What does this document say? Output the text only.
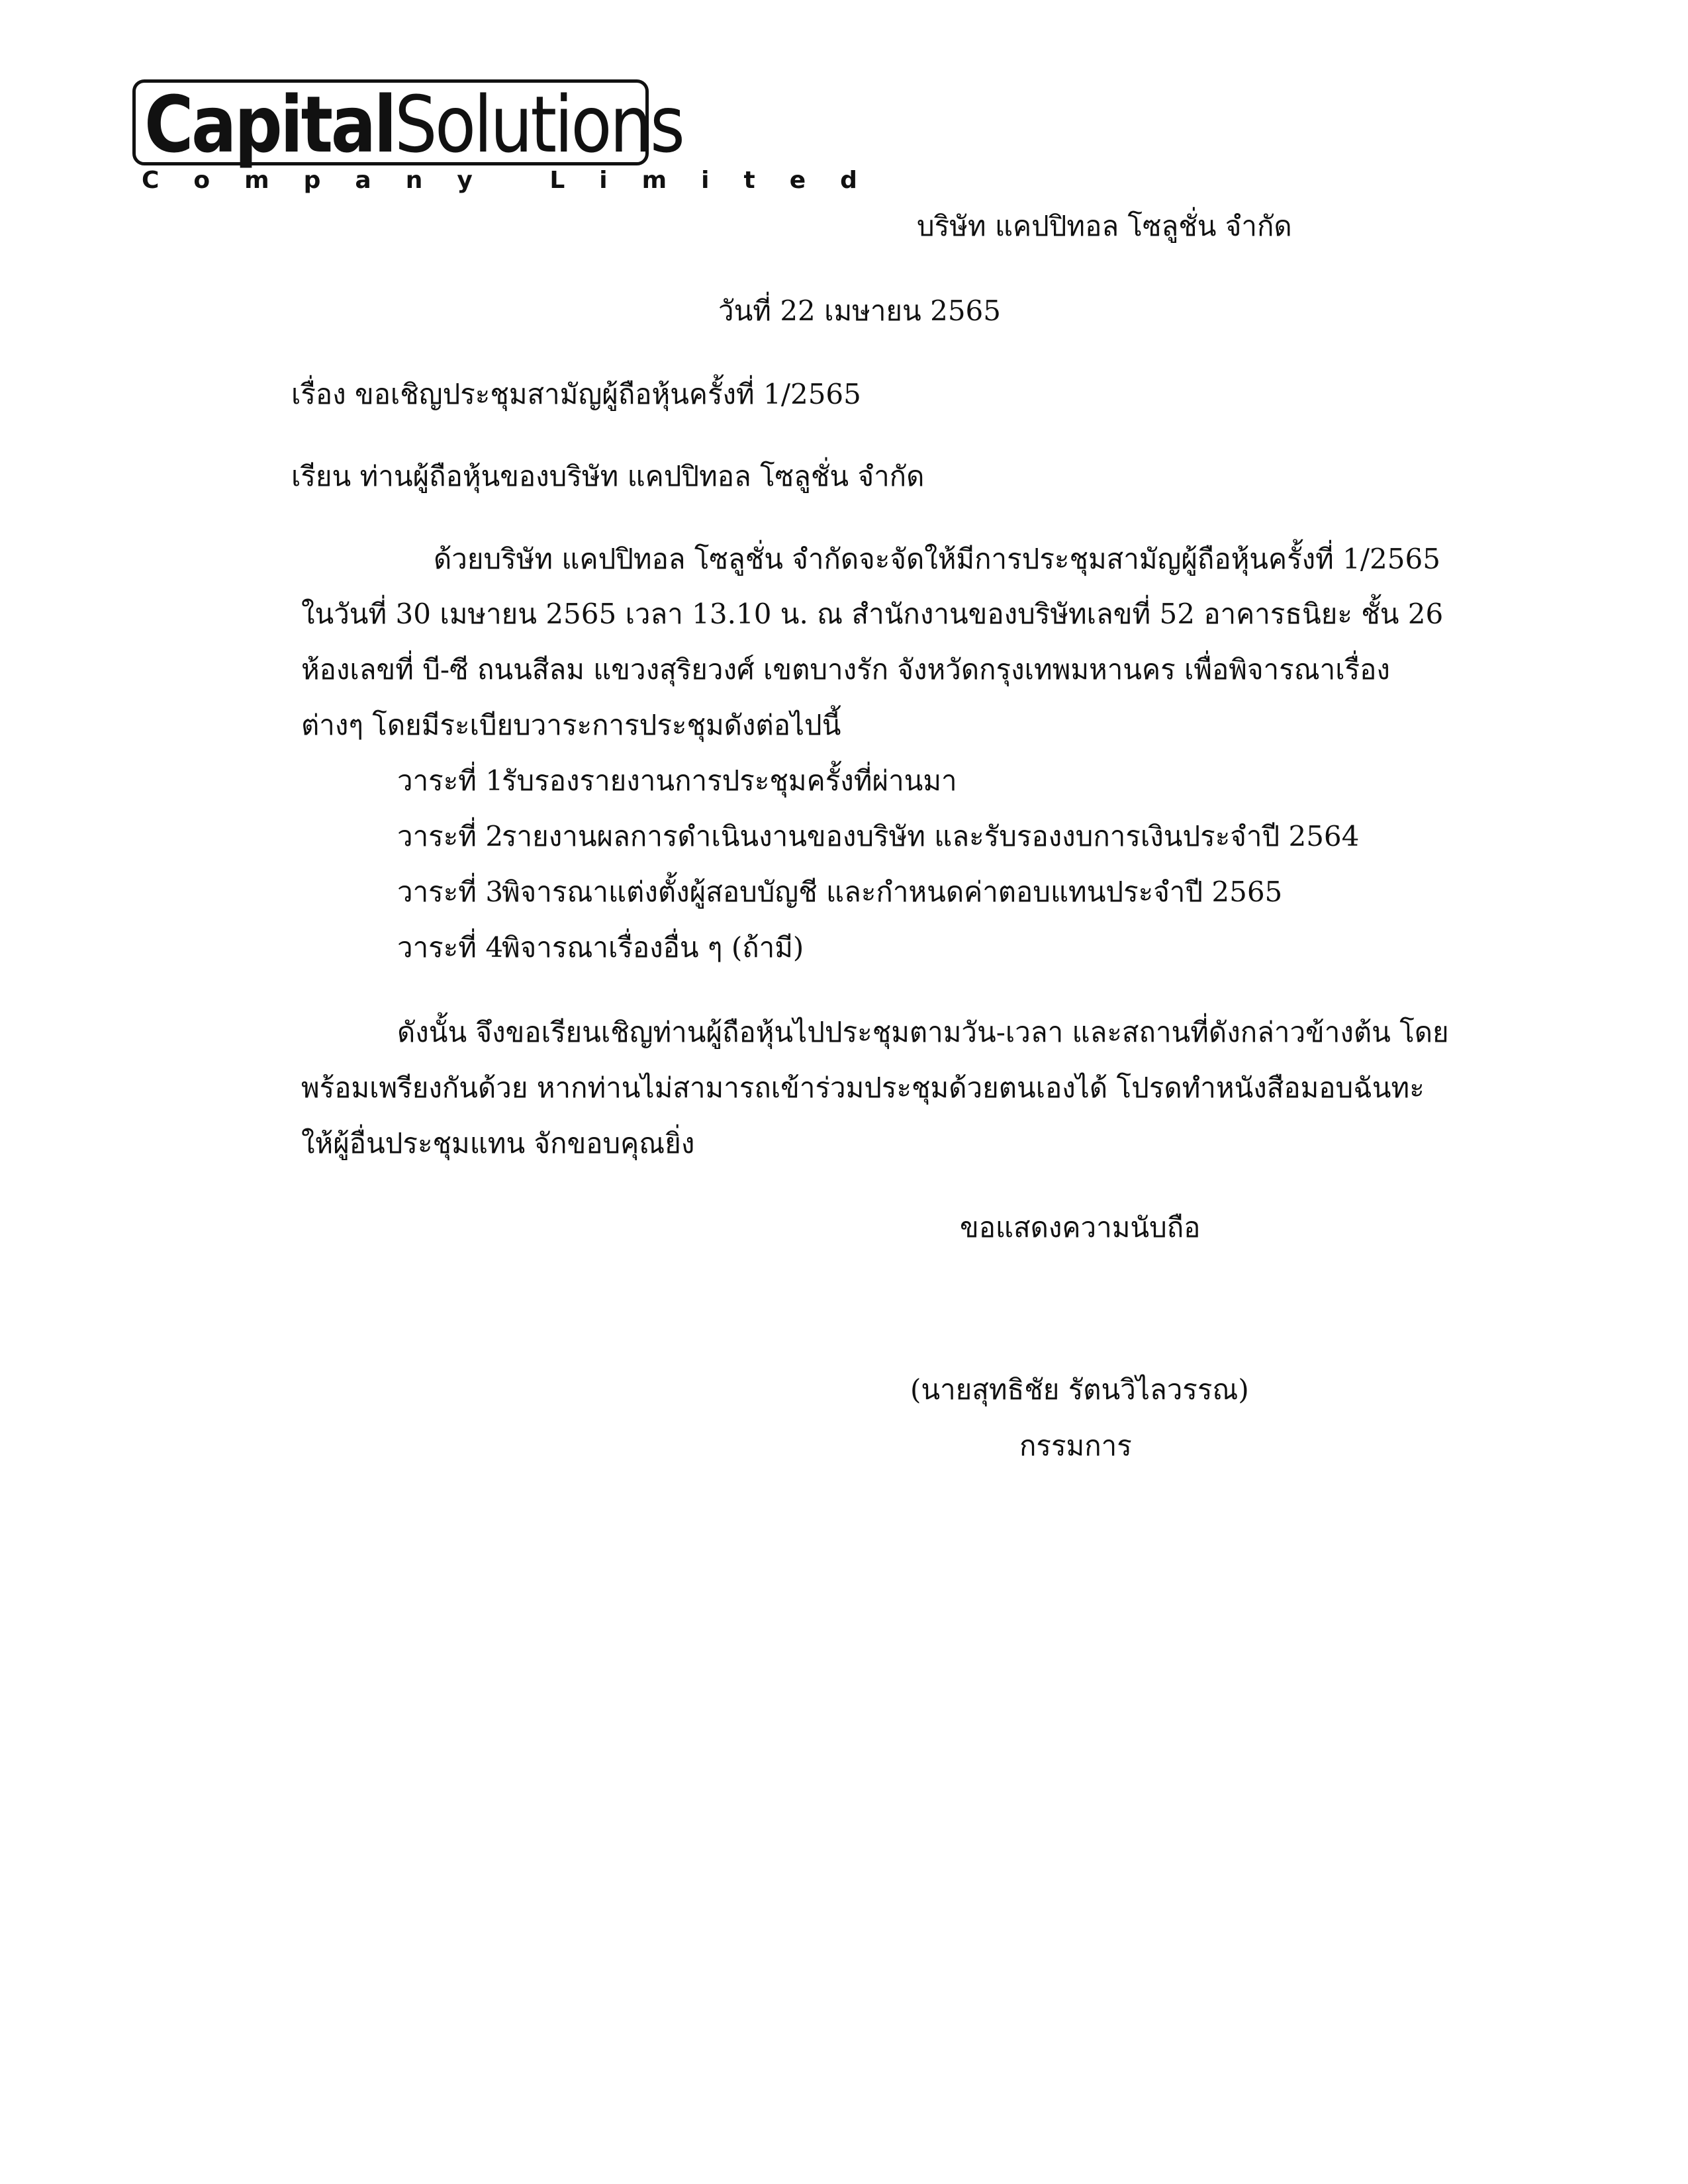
CapitalSolutions
Company Limited
บริษัท แคปปิทอล โซลูชั่น จำกัด
วันที่ 22 เมษายน 2565
เรื่อง ขอเชิญประชุมสามัญผู้ถือหุ้นครั้งที่ 1/2565
เรียน ท่านผู้ถือหุ้นของบริษัท แคปปิทอล โซลูชั่น จำกัด
ด้วยบริษัท แคปปิทอล โซลูชั่น จำกัดจะจัดให้มีการประชุมสามัญผู้ถือหุ้นครั้งที่ 1/2565
ในวันที่ 30 เมษายน 2565 เวลา 13.10 น. ณ สำนักงานของบริษัทเลขที่ 52 อาคารธนิยะ ชั้น 26
ห้องเลขที่ บี-ซี ถนนสีลม แขวงสุริยวงศ์ เขตบางรัก จังหวัดกรุงเทพมหานคร เพื่อพิจารณาเรื่อง
ต่างๆ โดยมีระเบียบวาระการประชุมดังต่อไปนี้
วาระที่ 1รับรองรายงานการประชุมครั้งที่ผ่านมา
วาระที่ 2รายงานผลการดำเนินงานของบริษัท และรับรองงบการเงินประจำปี 2564
วาระที่ 3พิจารณาแต่งตั้งผู้สอบบัญชี และกำหนดค่าตอบแทนประจำปี 2565
วาระที่ 4พิจารณาเรื่องอื่น ๆ (ถ้ามี)
ดังนั้น จึงขอเรียนเชิญท่านผู้ถือหุ้นไปประชุมตามวัน-เวลา และสถานที่ดังกล่าวข้างต้น โดย
พร้อมเพรียงกันด้วย หากท่านไม่สามารถเข้าร่วมประชุมด้วยตนเองได้ โปรดทำหนังสือมอบฉันทะ
ให้ผู้อื่นประชุมแทน จักขอบคุณยิ่ง
ขอแสดงความนับถือ
(นายสุทธิชัย รัตนวิไลวรรณ)
กรรมการ
